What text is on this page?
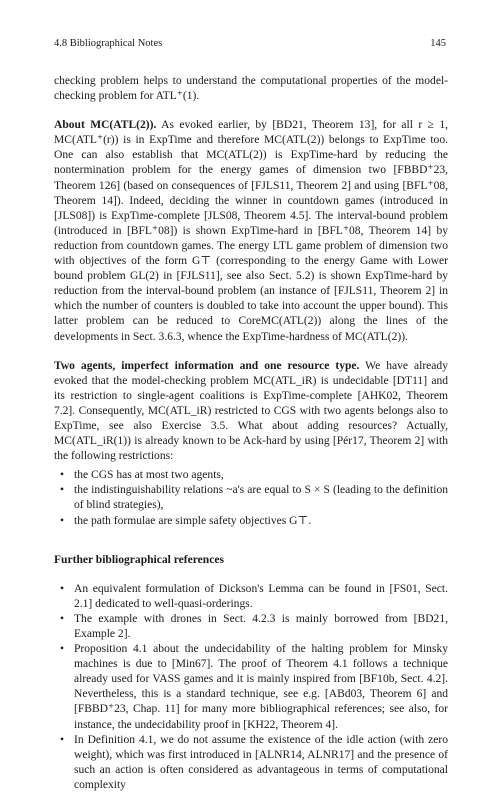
4.8 Bibliographical Notes	145

checking problem helps to understand the computational properties of the model-checking problem for ATL⁺(1).

About MC(ATL(2)). As evoked earlier, by [BD21, Theorem 13], for all r ≥ 1, MC(ATL⁺(r)) is in ExpTime and therefore MC(ATL(2)) belongs to ExpTime too. One can also establish that MC(ATL(2)) is ExpTime-hard by reducing the nontermination problem for the energy games of dimension two [FBBD⁺23, Theorem 126] (based on consequences of [FJLS11, Theorem 2] and using [BFL⁺08, Theorem 14]). Indeed, deciding the winner in countdown games (introduced in [JLS08]) is ExpTime-complete [JLS08, Theorem 4.5]. The interval-bound problem (introduced in [BFL⁺08]) is shown ExpTime-hard in [BFL⁺08, Theorem 14] by reduction from countdown games. The energy LTL game problem of dimension two with objectives of the form G⊤ (corresponding to the energy Game with Lower bound problem GL(2) in [FJLS11], see also Sect. 5.2) is shown ExpTime-hard by reduction from the interval-bound problem (an instance of [FJLS11, Theorem 2] in which the number of counters is doubled to take into account the upper bound). This latter problem can be reduced to CoreMC(ATL(2)) along the lines of the developments in Sect. 3.6.3, whence the ExpTime-hardness of MC(ATL(2)).

Two agents, imperfect information and one resource type. We have already evoked that the model-checking problem MC(ATL_iR) is undecidable [DT11] and its restriction to single-agent coalitions is ExpTime-complete [AHK02, Theorem 7.2]. Consequently, MC(ATL_iR) restricted to CGS with two agents belongs also to ExpTime, see also Exercise 3.5. What about adding resources? Actually, MC(ATL_iR(1)) is already known to be Ack-hard by using [Pér17, Theorem 2] with the following restrictions:

• the CGS has at most two agents,
• the indistinguishability relations ~a's are equal to S × S (leading to the definition of blind strategies),
• the path formulae are simple safety objectives G⊤.

Further bibliographical references

• An equivalent formulation of Dickson's Lemma can be found in [FS01, Sect. 2.1] dedicated to well-quasi-orderings.
• The example with drones in Sect. 4.2.3 is mainly borrowed from [BD21, Example 2].
• Proposition 4.1 about the undecidability of the halting problem for Minsky machines is due to [Min67]. The proof of Theorem 4.1 follows a technique already used for VASS games and it is mainly inspired from [BF10b, Sect. 4.2]. Nevertheless, this is a standard technique, see e.g. [ABd03, Theorem 6] and [FBBD⁺23, Chap. 11] for many more bibliographical references; see also, for instance, the undecidability proof in [KH22, Theorem 4].
• In Definition 4.1, we do not assume the existence of the idle action (with zero weight), which was first introduced in [ALNR14, ALNR17] and the presence of such an action is often considered as advantageous in terms of computational complexity
